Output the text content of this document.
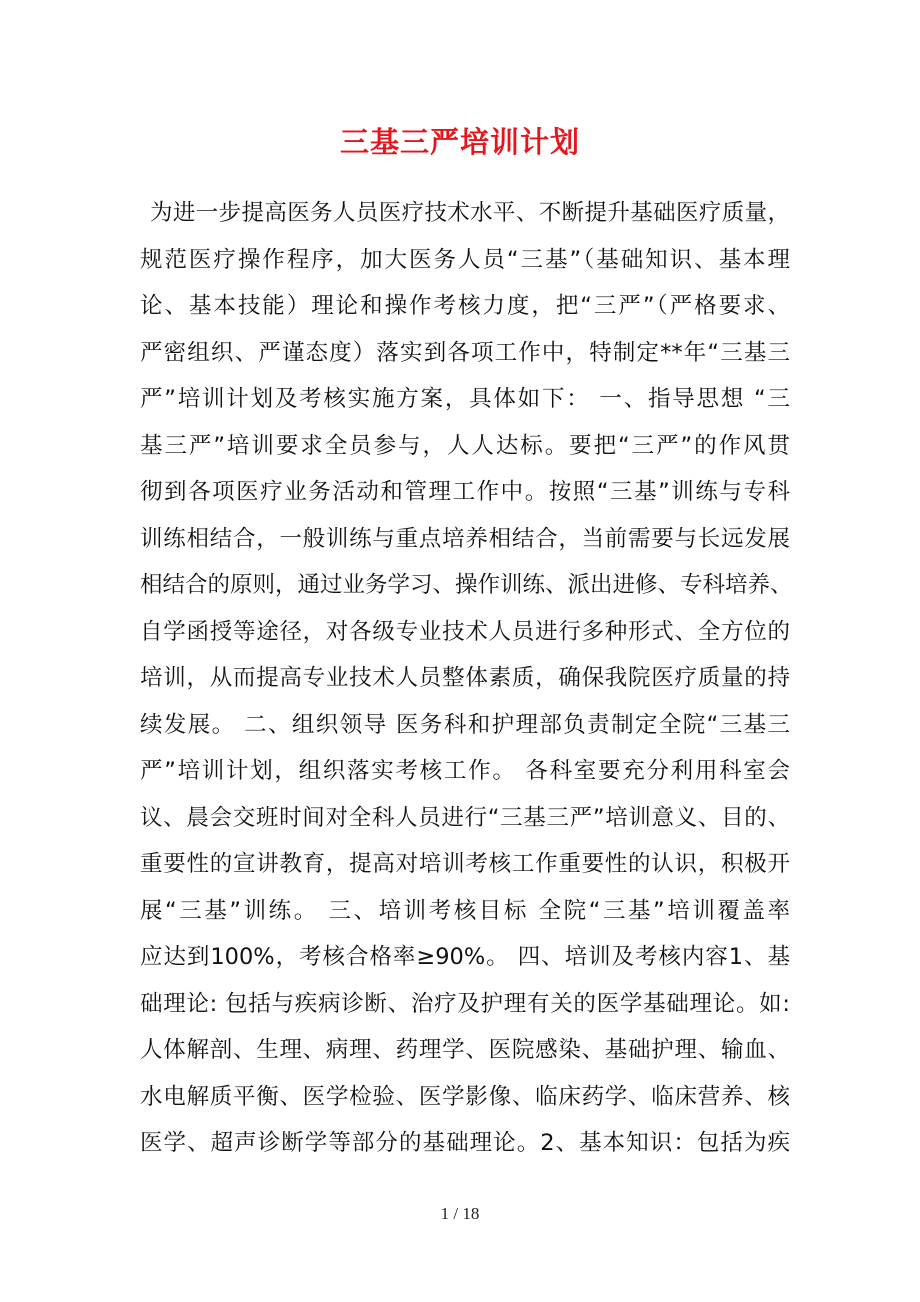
三基三严培训计划
为进一步提高医务人员医疗技术水平、不断提升基础医疗质量，
规范医疗操作程序，加大医务人员“三基”（基础知识、基本理
论、基本技能）理论和操作考核力度，把“三严”（严格要求、
严密组织、严谨态度）落实到各项工作中，特制定**年“三基三
严”培训计划及考核实施方案，具体如下： 一、指导思想 “三
基三严”培训要求全员参与，人人达标。要把“三严”的作风贯
彻到各项医疗业务活动和管理工作中。按照“三基”训练与专科
训练相结合，一般训练与重点培养相结合，当前需要与长远发展
相结合的原则，通过业务学习、操作训练、派出进修、专科培养、
自学函授等途径，对各级专业技术人员进行多种形式、全方位的
培训，从而提高专业技术人员整体素质，确保我院医疗质量的持
续发展。 二、组织领导 医务科和护理部负责制定全院“三基三
严”培训计划，组织落实考核工作。 各科室要充分利用科室会
议、晨会交班时间对全科人员进行“三基三严”培训意义、目的、
重要性的宣讲教育，提高对培训考核工作重要性的认识，积极开
展“三基”训练。 三、培训考核目标 全院“三基”培训覆盖率
应达到100%，考核合格率≥90%。 四、培训及考核内容1、基
础理论: 包括与疾病诊断、治疗及护理有关的医学基础理论。如:
人体解剖、生理、病理、药理学、医院感染、基础护理、输血、
水电解质平衡、医学检验、医学影像、临床药学、临床营养、核
医学、超声诊断学等部分的基础理论。2、基本知识：包括为疾
1 / 18
